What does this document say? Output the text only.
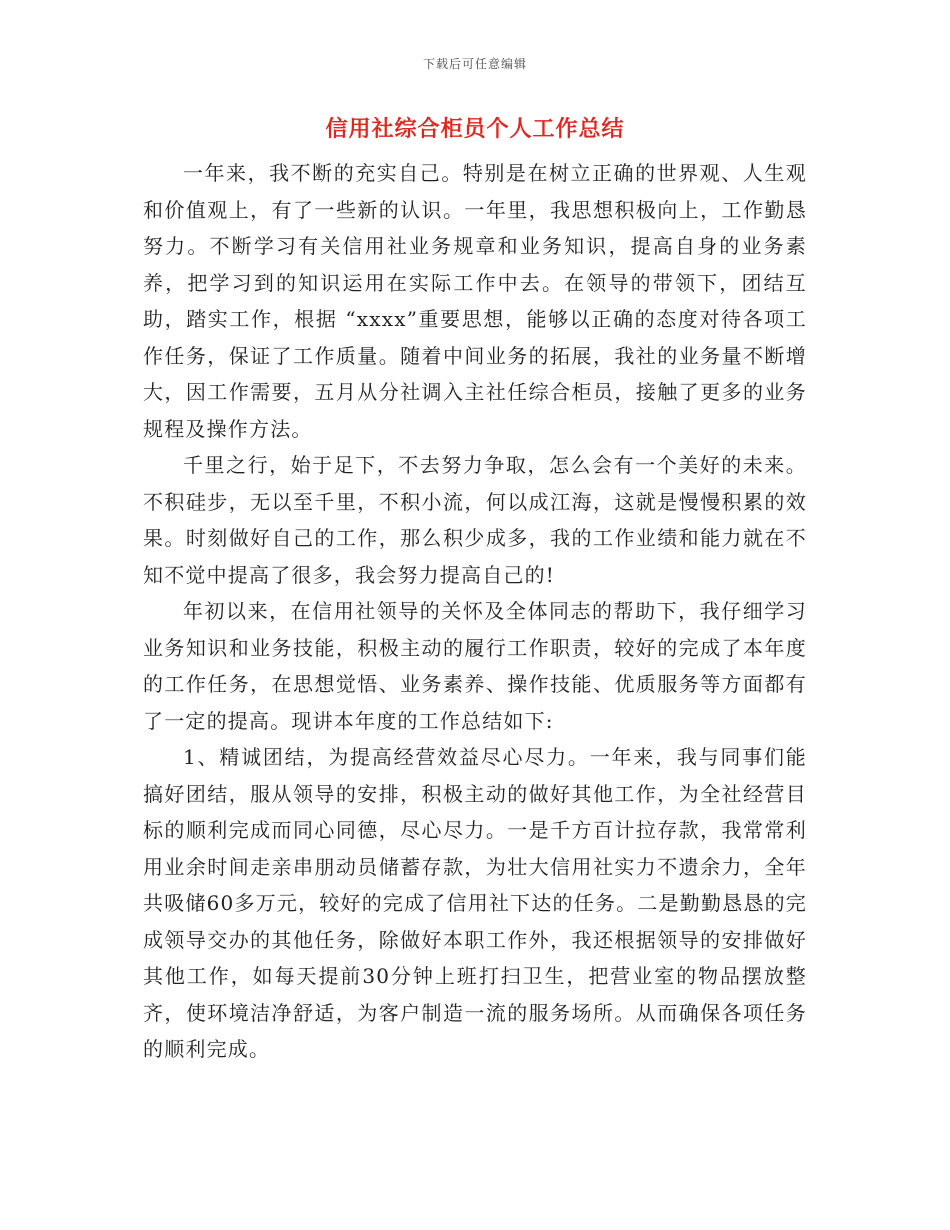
下载后可任意编辑
信用社综合柜员个人工作总结

一年来，我不断的充实自己。特别是在树立正确的世界观、人生观和价值观上，有了一些新的认识。一年里，我思想积极向上，工作勤恳努力。不断学习有关信用社业务规章和业务知识，提高自身的业务素养，把学习到的知识运用在实际工作中去。在领导的带领下，团结互助，踏实工作，根据 “xxxx”重要思想，能够以正确的态度对待各项工作任务，保证了工作质量。随着中间业务的拓展，我社的业务量不断增大，因工作需要，五月从分社调入主社任综合柜员，接触了更多的业务规程及操作方法。

千里之行，始于足下，不去努力争取，怎么会有一个美好的未来。不积硅步，无以至千里，不积小流，何以成江海，这就是慢慢积累的效果。时刻做好自己的工作，那么积少成多，我的工作业绩和能力就在不知不觉中提高了很多，我会努力提高自己的!

年初以来，在信用社领导的关怀及全体同志的帮助下，我仔细学习业务知识和业务技能，积极主动的履行工作职责，较好的完成了本年度的工作任务，在思想觉悟、业务素养、操作技能、优质服务等方面都有了一定的提高。现讲本年度的工作总结如下:

1、精诚团结，为提高经营效益尽心尽力。一年来，我与同事们能搞好团结，服从领导的安排，积极主动的做好其他工作，为全社经营目标的顺利完成而同心同德，尽心尽力。一是千方百计拉存款，我常常利用业余时间走亲串朋动员储蓄存款，为壮大信用社实力不遗余力，全年共吸储60多万元，较好的完成了信用社下达的任务。二是勤勤恳恳的完成领导交办的其他任务，除做好本职工作外，我还根据领导的安排做好其他工作，如每天提前30分钟上班打扫卫生，把营业室的物品摆放整齐，使环境洁净舒适，为客户制造一流的服务场所。从而确保各项任务的顺利完成。
